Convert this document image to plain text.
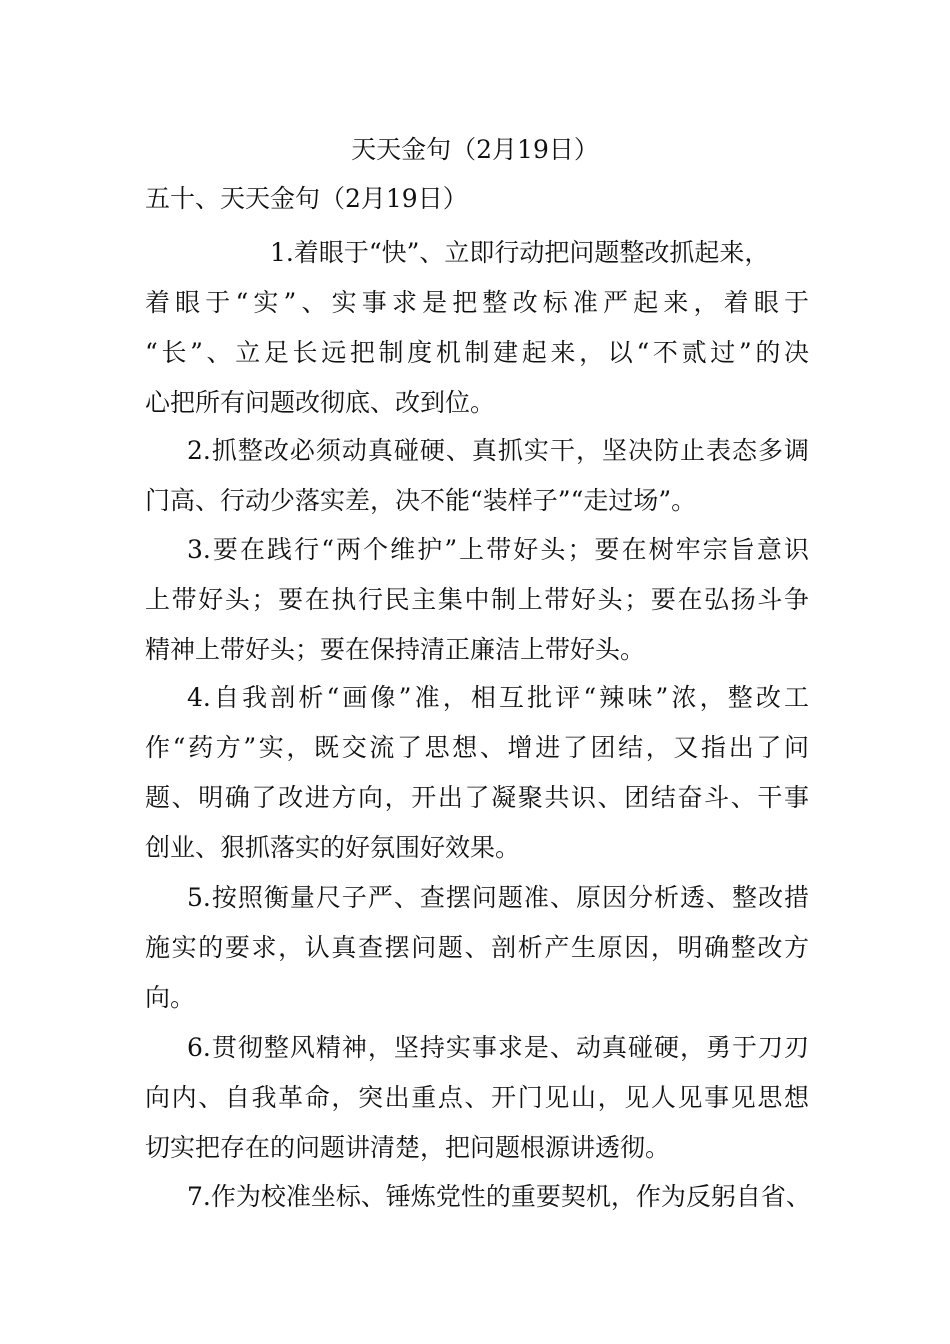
天天金句（2月19日）
五十、天天金句（2月19日）
1.着眼于“快”、立即行动把问题整改抓起来，
着眼于“实”、实事求是把整改标准严起来，着眼于
“长”、立足长远把制度机制建起来，以“不贰过”的决
心把所有问题改彻底、改到位。
2.抓整改必须动真碰硬、真抓实干，坚决防止表态多调
门高、行动少落实差，决不能“装样子”“走过场”。
3.要在践行“两个维护”上带好头；要在树牢宗旨意识
上带好头；要在执行民主集中制上带好头；要在弘扬斗争
精神上带好头；要在保持清正廉洁上带好头。
4.自我剖析“画像”准，相互批评“辣味”浓，整改工
作“药方”实，既交流了思想、增进了团结，又指出了问
题、明确了改进方向，开出了凝聚共识、团结奋斗、干事
创业、狠抓落实的好氛围好效果。
5.按照衡量尺子严、查摆问题准、原因分析透、整改措
施实的要求，认真查摆问题、剖析产生原因，明确整改方
向。
6.贯彻整风精神，坚持实事求是、动真碰硬，勇于刀刃
向内、自我革命，突出重点、开门见山，见人见事见思想
切实把存在的问题讲清楚，把问题根源讲透彻。
7.作为校准坐标、锤炼党性的重要契机，作为反躬自省、
